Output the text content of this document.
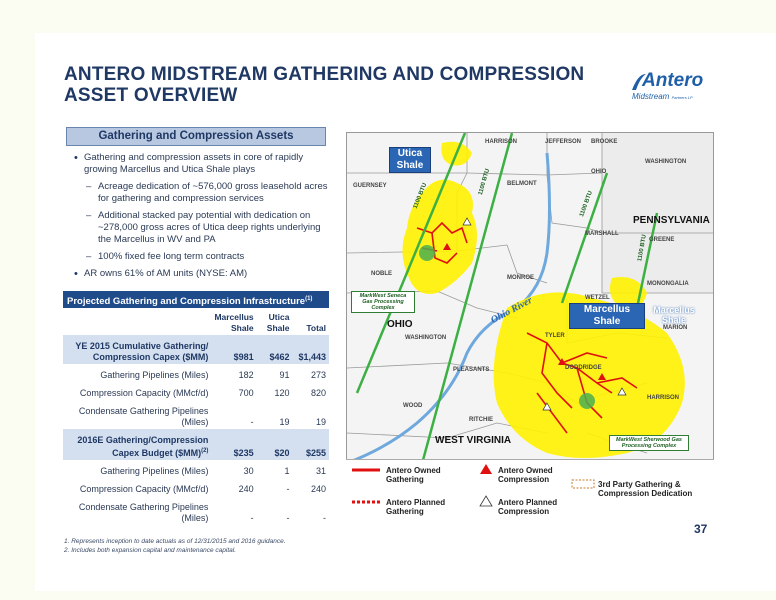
ANTERO MIDSTREAM GATHERING AND COMPRESSION ASSET OVERVIEW
Antero
Midstream Partners LP
Gathering and Compression Assets
• Gathering and compression assets in core of rapidly growing Marcellus and Utica Shale plays
– Acreage dedication of ~576,000 gross leasehold acres for gathering and compression services
– Additional stacked pay potential with dedication on ~278,000 gross acres of Utica deep rights underlying the Marcellus in WV and PA
– 100% fixed fee long term contracts
• AR owns 61% of AM units (NYSE: AM)
Projected Gathering and Compression Infrastructure$^{(1)}$
	Marcellus Shale	Utica Shale	Total
YE 2015 Cumulative Gathering/ Compression Capex ($MM)	$981	$462	$1,443
Gathering Pipelines (Miles)	182	91	273
Compression Capacity (MMcf/d)	700	120	820
Condensate Gathering Pipelines (Miles)	-	19	19
2016E Gathering/Compression Capex Budget ($MM)$^{(2)}$	$235	$20	$255
Gathering Pipelines (Miles)	30	1	31
Compression Capacity (MMcf/d)	240	-	240
Condensate Gathering Pipelines (Miles)	-	-	-
1. Represents inception to date actuals as of 12/31/2015 and 2016 guidance.
2. Includes both expansion capital and maintenance capital.
37
HARRISON	JEFFERSON BROOKE
WASHINGTON
OHIO
GUERNSEY	BELMONT
MARSHALL
GREENE
NOBLE
MONROE
WETZEL
MONONGALIA
MARION
WASHINGTON	TYLER
PLEASANTS	DODDRIDGE
HARRISON
WOOD
RITCHIE
PENNSYLVANIA
OHIO
WEST VIRGINIA
Ohio River
1100 BTU
1100 BTU
1100 BTU
1100 BTU
Utica Shale
Marcellus Shale
Marcellus Shale
MarkWest Seneca Gas Processing Complex
MarkWest Sherwood Gas Processing Complex
Antero Owned Gathering
Antero Owned Compression
3rd Party Gathering & Compression Dedication
Antero Planned Gathering
Antero Planned Compression
